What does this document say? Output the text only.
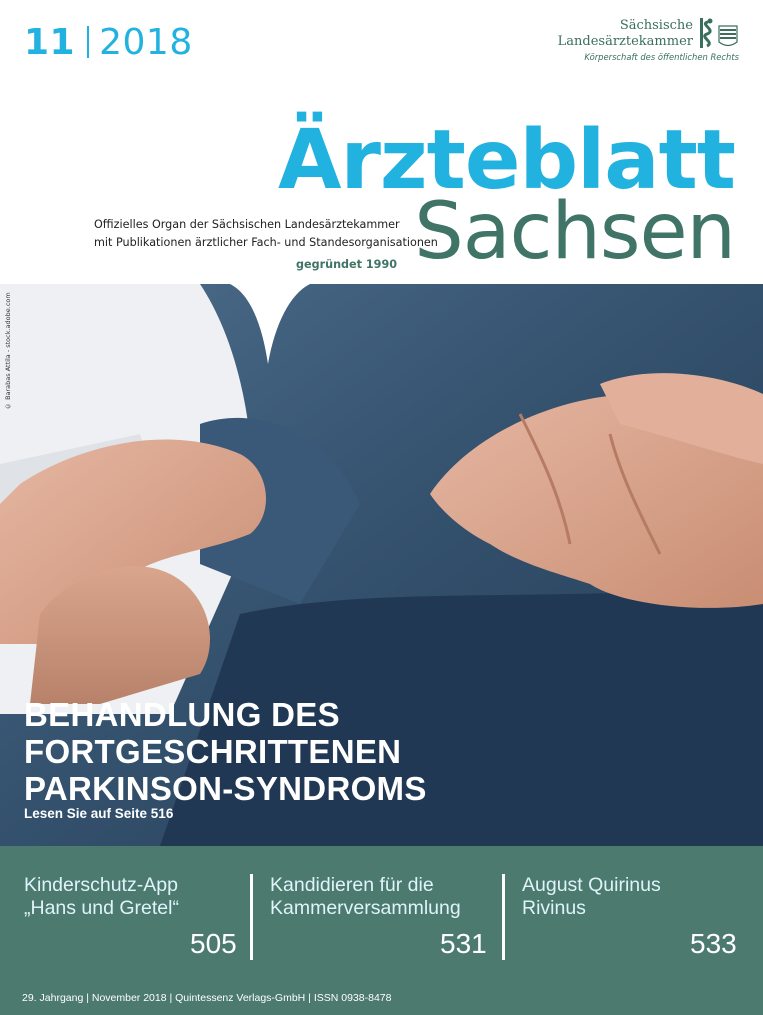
11 2018	Sächsische
Landesärztekammer
Körperschaft des öffentlichen Rechts
Ärzteblatt
Sachsen
Offizielles Organ der Sächsischen Landesärztekammer
mit Publikationen ärztlicher Fach- und Standesorganisationen
gegründet 1990
© Barabas Attila - stock.adobe.com
BEHANDLUNG DES
FORTGESCHRITTENEN
PARKINSON-SYNDROMS
Lesen Sie auf Seite 516
Kinderschutz-App
„Hans und Gretel“
505
Kandidieren für die
Kammerversammlung
531
August Quirinus
Rivinus
533
29. Jahrgang | November 2018 | Quintessenz Verlags-GmbH | ISSN 0938-8478
